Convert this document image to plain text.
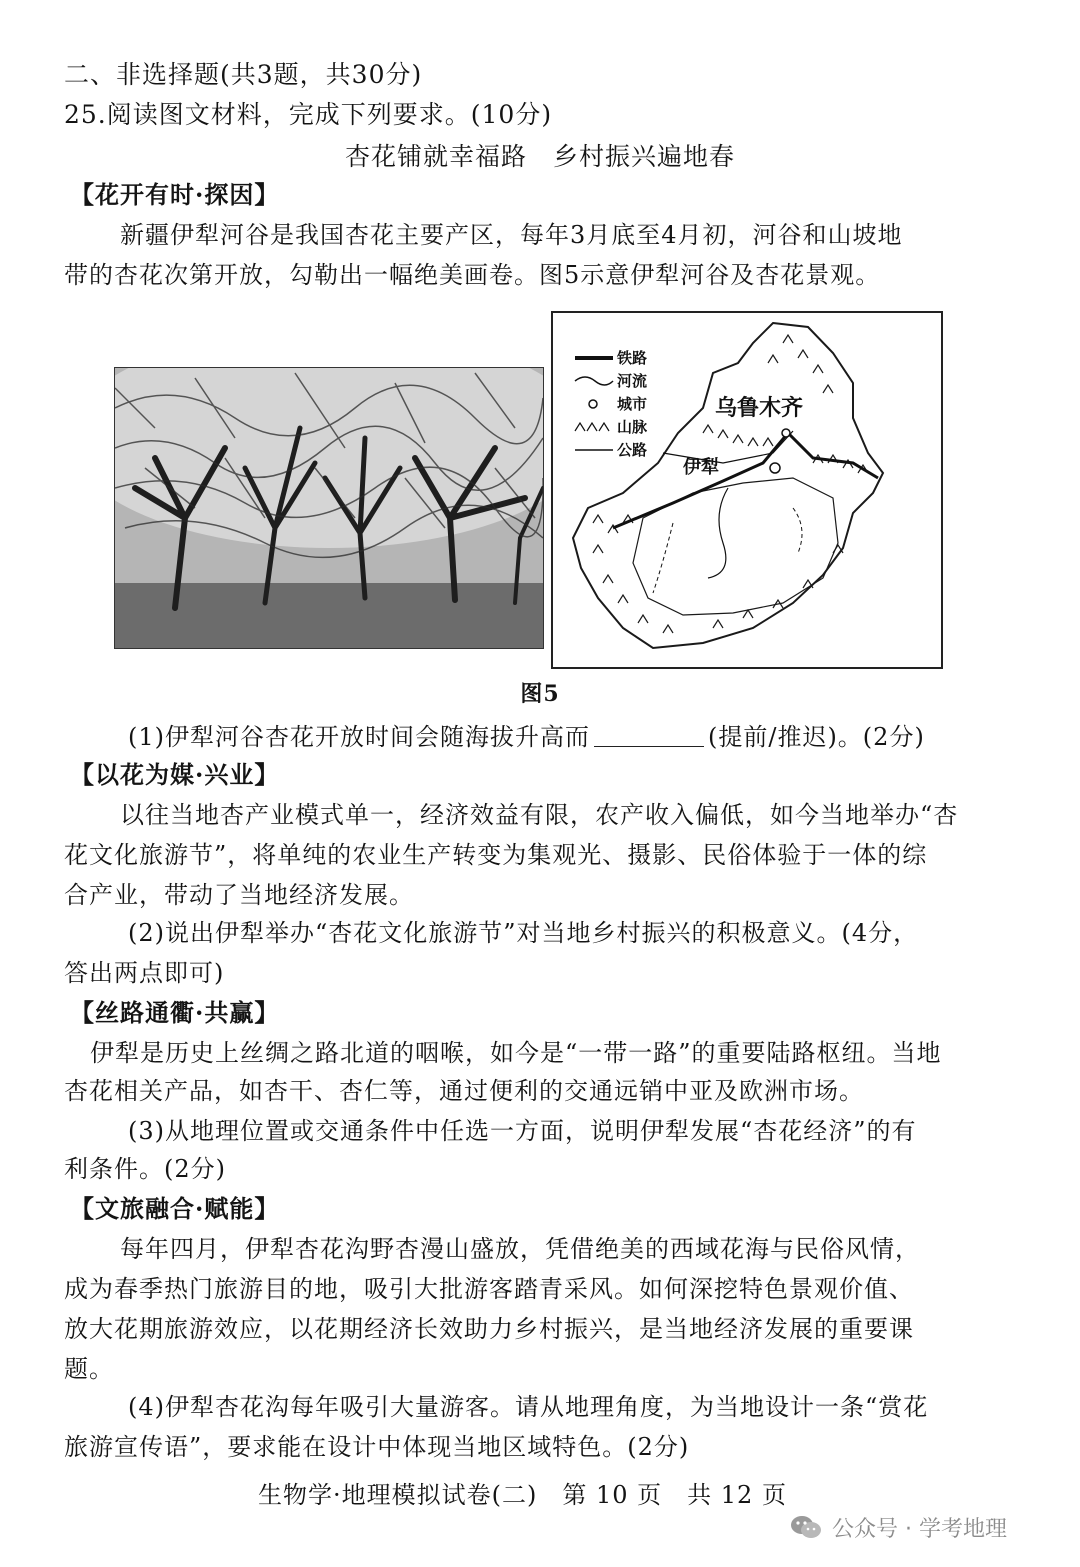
二、非选择题(共3题，共30分)
25.阅读图文材料，完成下列要求。(10分)
杏花铺就幸福路　乡村振兴遍地春
【花开有时·探因】
新疆伊犁河谷是我国杏花主要产区，每年3月底至4月初，河谷和山坡地
带的杏花次第开放，勾勒出一幅绝美画卷。图5示意伊犁河谷及杏花景观。
铁路
河流
城市
山脉
公路
乌鲁木齐
伊犁
图5
(1)伊犁河谷杏花开放时间会随海拔升高而	(提前/推迟)。(2分)
【以花为媒·兴业】
以往当地杏产业模式单一，经济效益有限，农产收入偏低，如今当地举办“杏
花文化旅游节”，将单纯的农业生产转变为集观光、摄影、民俗体验于一体的综
合产业，带动了当地经济发展。
(2)说出伊犁举办“杏花文化旅游节”对当地乡村振兴的积极意义。(4分，
答出两点即可)
【丝路通衢·共赢】
伊犁是历史上丝绸之路北道的咽喉，如今是“一带一路”的重要陆路枢纽。当地
杏花相关产品，如杏干、杏仁等，通过便利的交通远销中亚及欧洲市场。
(3)从地理位置或交通条件中任选一方面，说明伊犁发展“杏花经济”的有
利条件。(2分)
【文旅融合·赋能】
每年四月，伊犁杏花沟野杏漫山盛放，凭借绝美的西域花海与民俗风情，
成为春季热门旅游目的地，吸引大批游客踏青采风。如何深挖特色景观价值、
放大花期旅游效应，以花期经济长效助力乡村振兴，是当地经济发展的重要课
题。
(4)伊犁杏花沟每年吸引大量游客。请从地理角度，为当地设计一条“赏花
旅游宣传语”，要求能在设计中体现当地区域特色。(2分)
生物学·地理模拟试卷(二)　第 10 页　共 12 页
公众号 · 学考地理
